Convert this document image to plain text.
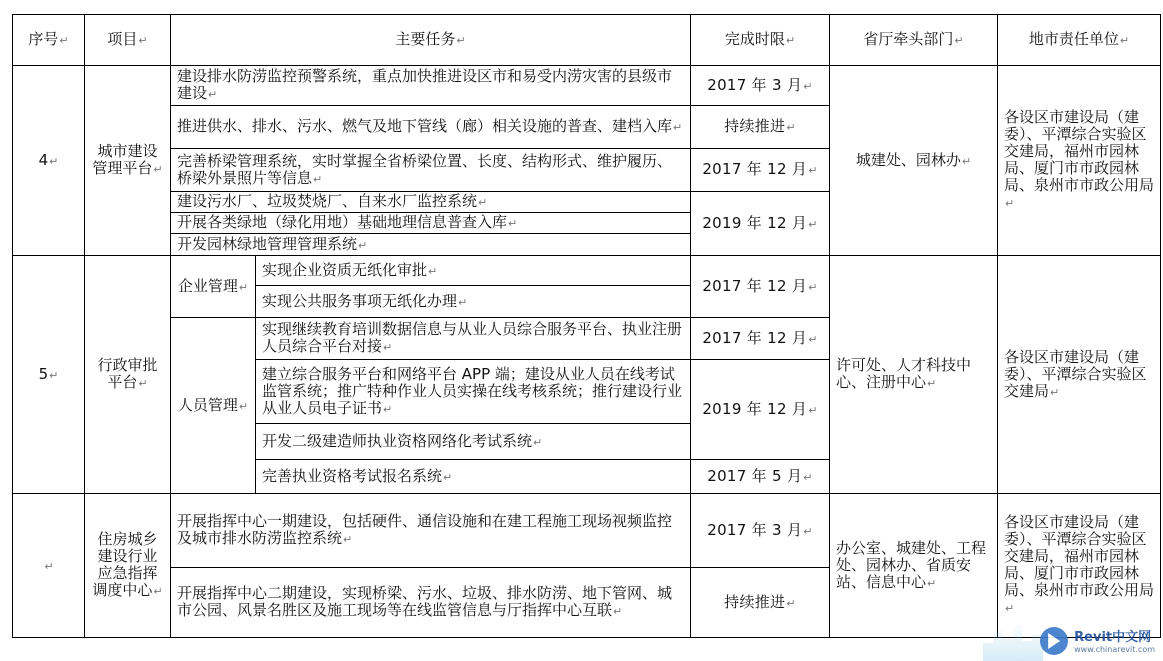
序号↵	项目↵	主要任务↵		完成时限↵	省厅牵头部门↵	地市责任单位↵
4↵	城市建设管理平台↵	建设排水防涝监控预警系统，重点加快推进设区市和易受内涝灾害的县级市建设↵		2017 年 3 月↵	城建处、园林办↵	各设区市建设局（建委）、平潭综合实验区交建局，福州市园林局、厦门市市政园林局、泉州市市政公用局↵
		推进供水、排水、污水、燃气及地下管线（廊）相关设施的普查、建档入库↵		持续推进↵		
		完善桥梁管理系统，实时掌握全省桥梁位置、长度、结构形式、维护履历、桥梁外景照片等信息↵		2017 年 12 月↵		
		建设污水厂、垃圾焚烧厂、自来水厂监控系统↵		2019 年 12 月↵		
		开展各类绿地（绿化用地）基础地理信息普查入库↵				
		开发园林绿地管理管理系统↵				
5↵	行政审批平台↵	企业管理↵	实现企业资质无纸化审批↵	2017 年 12 月↵	许可处、人才科技中心、注册中心↵	各设区市建设局（建委）、平潭综合实验区交建局↵
			实现公共服务事项无纸化办理↵			
		人员管理↵	实现继续教育培训数据信息与从业人员综合服务平台、执业注册人员综合平台对接↵	2017 年 12 月↵		
			建立综合服务平台和网络平台 APP 端；建设从业人员在线考试监管系统；推广特种作业人员实操在线考核系统；推行建设行业从业人员电子证书↵	2019 年 12 月↵		
			开发二级建造师执业资格网络化考试系统↵			
			完善执业资格考试报名系统↵	2017 年 5 月↵		
↵	住房城乡建设行业应急指挥调度中心↵	开展指挥中心一期建设，包括硬件、通信设施和在建工程施工现场视频监控及城市排水防涝监控系统↵		2017 年 3 月↵	办公室、城建处、工程处、园林办、省质安站、信息中心↵	各设区市建设局（建委）、平潭综合实验区交建局，福州市园林局、厦门市市政园林局、泉州市市政公用局↵
		开展指挥中心二期建设，实现桥梁、污水、垃圾、排水防涝、地下管网、城市公园、风景名胜区及施工现场等在线监管信息与厅指挥中心互联↵		持续推进↵		
Revit中文网
www.chinarevit.com
